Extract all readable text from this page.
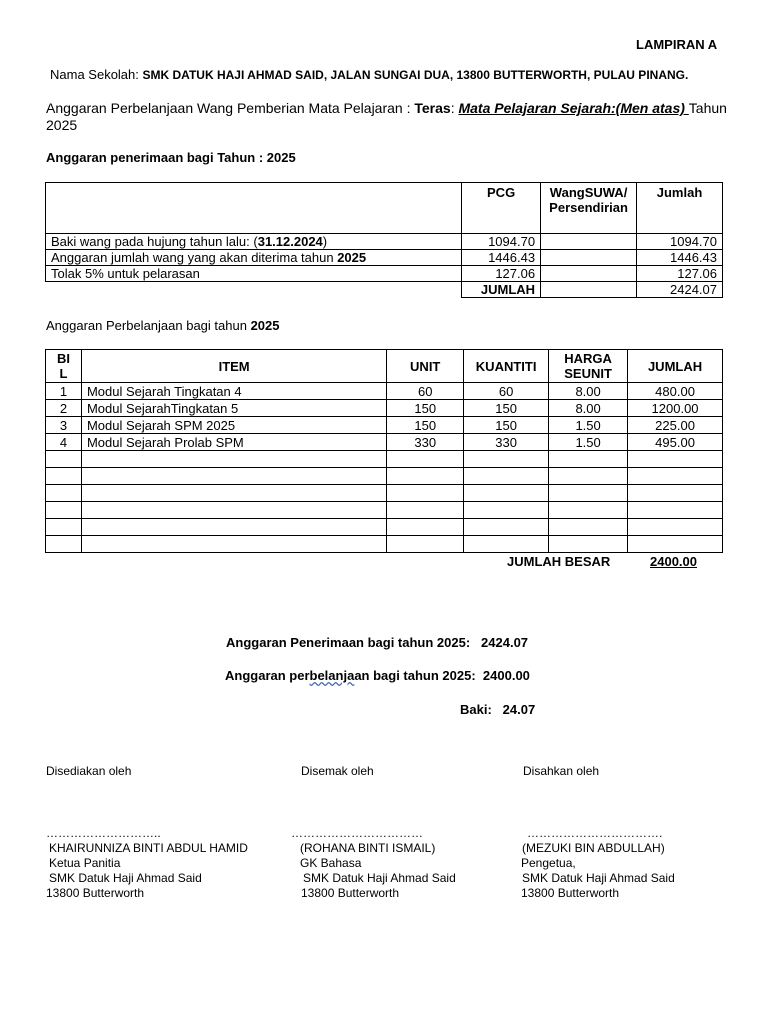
LAMPIRAN A
Nama Sekolah: SMK DATUK HAJI AHMAD SAID, JALAN SUNGAI DUA, 13800 BUTTERWORTH, PULAU PINANG.
Anggaran Perbelanjaan Wang Pemberian Mata Pelajaran : Teras: Mata Pelajaran Sejarah:(Men atas) Tahun 2025
Anggaran penerimaan bagi Tahun : 2025
	PCG	WangSUWA/ Persendirian	Jumlah
Baki wang pada hujung tahun lalu: (31.12.2024)	1094.70		1094.70
Anggaran jumlah wang yang akan diterima tahun 2025	1446.43		1446.43
Tolak 5% untuk pelarasan	127.06		127.06
	JUMLAH		2424.07
Anggaran Perbelanjaan bagi tahun 2025
BI L	ITEM	UNIT	KUANTITI	HARGA SEUNIT	JUMLAH
1	Modul Sejarah Tingkatan 4	60	60	8.00	480.00
2	Modul SejarahTingkatan 5	150	150	8.00	1200.00
3	Modul Sejarah SPM 2025	150	150	1.50	225.00
4	Modul Sejarah Prolab SPM	330	330	1.50	495.00

JUMLAH BESAR	2400.00
Anggaran Penerimaan bagi tahun 2025: 2424.07
Anggaran perbelanjaan bagi tahun 2025: 2400.00
Baki: 24.07
Disediakan oleh	Disemak oleh	Disahkan oleh
………………………..
KHAIRUNNIZA BINTI ABDUL HAMID
Ketua Panitia
SMK Datuk Haji Ahmad Said
13800 Butterworth
……………………………
(ROHANA BINTI ISMAIL)
GK Bahasa
SMK Datuk Haji Ahmad Said
13800 Butterworth
…………………………….
(MEZUKI BIN ABDULLAH)
Pengetua,
SMK Datuk Haji Ahmad Said
13800 Butterworth
